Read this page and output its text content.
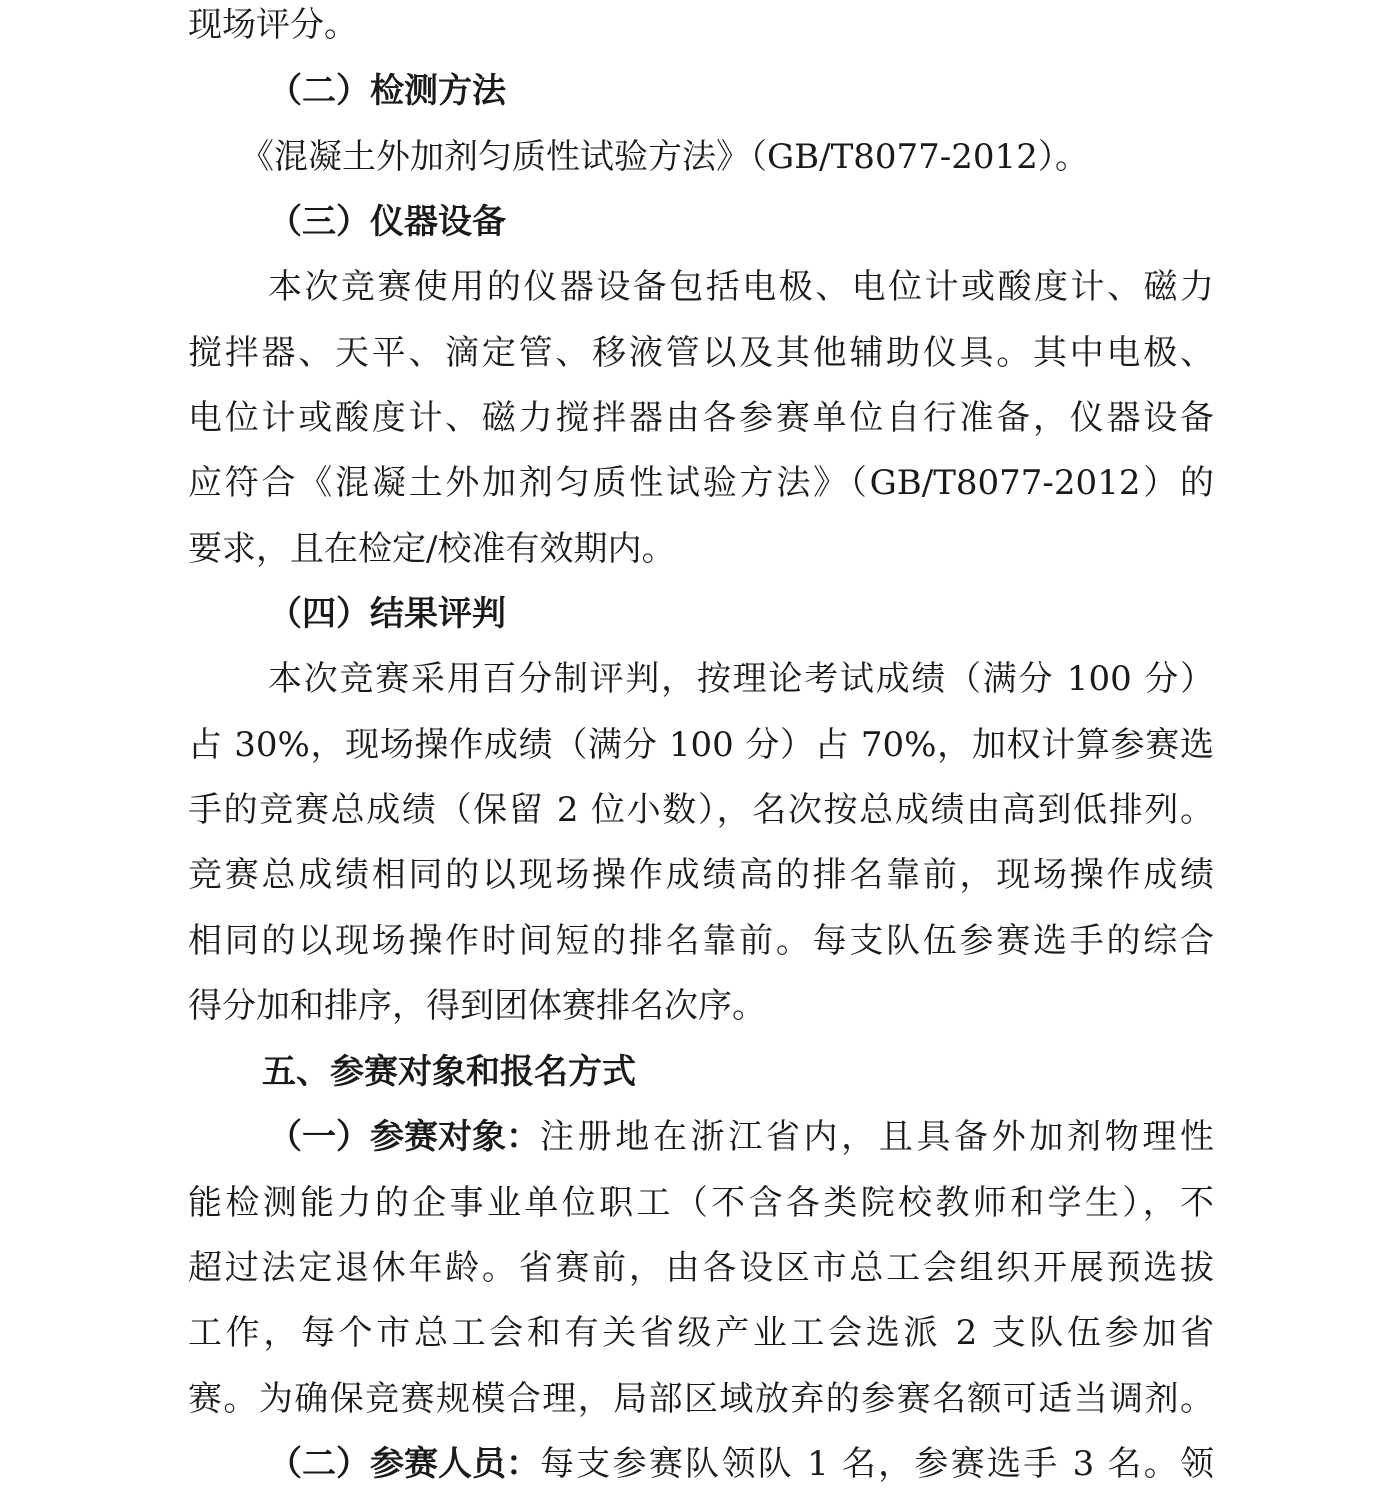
现场评分。
（二）检测方法
《混凝土外加剂匀质性试验方法》（GB/T8077-2012）。
（三）仪器设备
本次竞赛使用的仪器设备包括电极、电位计或酸度计、磁力
搅拌器、天平、滴定管、移液管以及其他辅助仪具。其中电极、
电位计或酸度计、磁力搅拌器由各参赛单位自行准备，仪器设备
应符合《混凝土外加剂匀质性试验方法》（GB/T8077-2012）的
要求，且在检定/校准有效期内。
（四）结果评判
本次竞赛采用百分制评判，按理论考试成绩（满分 100 分）
占 30%，现场操作成绩（满分 100 分）占 70%，加权计算参赛选
手的竞赛总成绩（保留 2 位小数），名次按总成绩由高到低排列。
竞赛总成绩相同的以现场操作成绩高的排名靠前，现场操作成绩
相同的以现场操作时间短的排名靠前。每支队伍参赛选手的综合
得分加和排序，得到团体赛排名次序。
五、参赛对象和报名方式
（一）参赛对象： 注册地在浙江省内，且具备外加剂物理性
能检测能力的企事业单位职工（不含各类院校教师和学生），不
超过法定退休年龄。省赛前，由各设区市总工会组织开展预选拔
工作，每个市总工会和有关省级产业工会选派 2 支队伍参加省
赛。为确保竞赛规模合理，局部区域放弃的参赛名额可适当调剂。
（二）参赛人员： 每支参赛队领队 1 名，参赛选手 3 名。领
